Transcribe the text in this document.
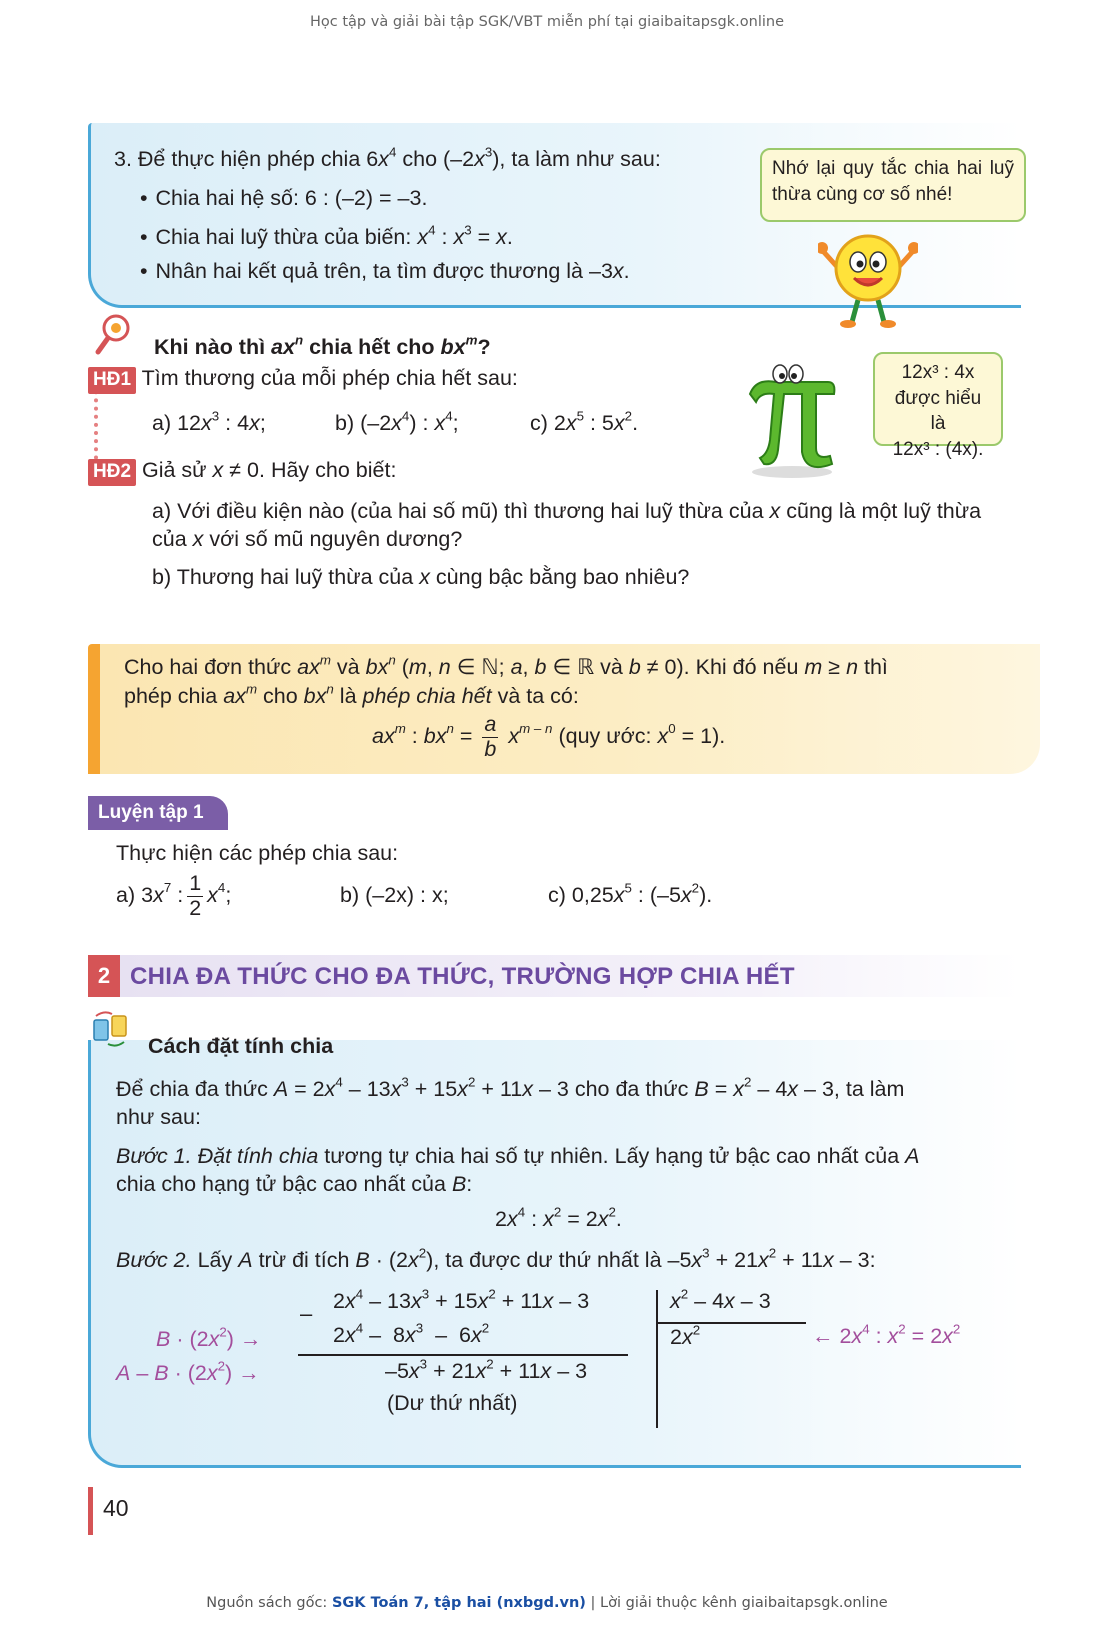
Học tập và giải bài tập SGK/VBT miễn phí tại giaibaitapsgk.online
3. Để thực hiện phép chia $6x^4$ cho $(-2x^3)$, ta làm như sau:
• Chia hai hệ số: 6 : (–2) = –3.
• Chia hai luỹ thừa của biến: $x^4$ : $x^3 = x$.
• Nhân hai kết quả trên, ta tìm được thương là –3x.
Nhớ lại quy tắc chia hai luỹ thừa cùng cơ số nhé!
Khi nào thì $ax^n$ chia hết cho $bx^m$?
HĐ1 Tìm thương của mỗi phép chia hết sau:
a) $12x^3$ : 4x;	b) $(-2x^4)$ : $x^4$;	c) $2x^5$ : $5x^2$.
12x³ : 4x
được hiểu là
12x³ : (4x).
HĐ2 Giả sử x ≠ 0. Hãy cho biết:
a) Với điều kiện nào (của hai số mũ) thì thương hai luỹ thừa của x cũng là một luỹ thừa
của x với số mũ nguyên dương?
b) Thương hai luỹ thừa của x cùng bậc bằng bao nhiêu?
Cho hai đơn thức $ax^m$ và $bx^n$ (m, n ∈ ℕ; a, b ∈ ℝ và b ≠ 0). Khi đó nếu m ≥ n thì
phép chia $ax^m$ cho $bx^n$ là phép chia hết và ta có:
$ax^m$ : $bx^n = \frac{a}{b} x^{m - n}$ (quy ước: $x^0 = 1$).
Luyện tập 1
Thực hiện các phép chia sau:
a) $3x^7$ : $\frac{1}{2} x^4$;	b) (–2x) : x;	c) $0,25x^5$ : $(-5x^2)$.
2 CHIA ĐA THỨC CHO ĐA THỨC, TRƯỜNG HỢP CHIA HẾT
Cách đặt tính chia
Để chia đa thức $A = 2x^4 - 13x^3 + 15x^2 + 11x - 3$ cho đa thức $B = x^2 - 4x - 3$, ta làm
như sau:
Bước 1. Đặt tính chia tương tự chia hai số tự nhiên. Lấy hạng tử bậc cao nhất của A
chia cho hạng tử bậc cao nhất của B:
$2x^4$ : $x^2 = 2x^2$.
Bước 2. Lấy A trừ đi tích $B \cdot (2x^2)$, ta được dư thứ nhất là $-5x^3 + 21x^2 + 11x - 3$:
– $2x^4 - 13x^3 + 15x^2 + 11x - 3$
$2x^4 - 8x^3 - 6x^2$
$-5x^3 + 21x^2 + 11x - 3$
(Dư thứ nhất)
$x^2 - 4x - 3$
$2x^2$
$B \cdot (2x^2)$ →
$A - B \cdot (2x^2)$ →
← $2x^4$ : $x^2 = 2x^2$
40
Nguồn sách gốc: SGK Toán 7, tập hai (nxbgd.vn) | Lời giải thuộc kênh giaibaitapsgk.online
